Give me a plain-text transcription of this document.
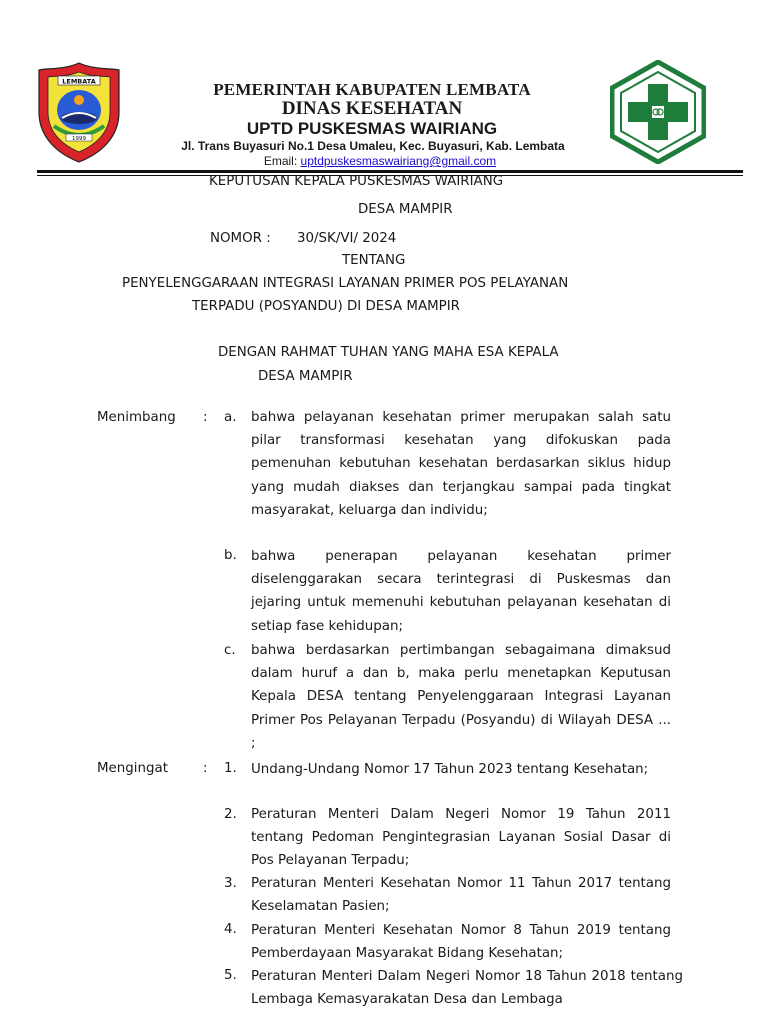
LEMBATA
1999
PEMERINTAH KABUPATEN LEMBATA
DINAS KESEHATAN
UPTD PUSKESMAS WAIRIANG
Jl. Trans Buyasuri No.1 Desa Umaleu, Kec. Buyasuri, Kab. Lembata
Email: uptdpuskesmaswairiang@gmail.com
KEPUTUSAN KEPALA PUSKESMAS WAIRIANG
DESA MAMPIR
NOMOR : 30/SK/VI/ 2024
TENTANG
PENYELENGGARAAN INTEGRASI LAYANAN PRIMER POS PELAYANAN
TERPADU (POSYANDU) DI DESA MAMPIR
DENGAN RAHMAT TUHAN YANG MAHA ESA KEPALA
DESA MAMPIR
Menimbang : a. bahwa pelayanan kesehatan primer merupakan salah satu pilar transformasi kesehatan yang difokuskan pada pemenuhan kebutuhan kesehatan berdasarkan siklus hidup yang mudah diakses dan terjangkau sampai pada tingkat masyarakat, keluarga dan individu;
b. bahwa penerapan pelayanan kesehatan primer diselenggarakan secara terintegrasi di Puskesmas dan jejaring untuk memenuhi kebutuhan pelayanan kesehatan di setiap fase kehidupan;
c. bahwa berdasarkan pertimbangan sebagaimana dimaksud dalam huruf a dan b, maka perlu menetapkan Keputusan Kepala DESA tentang Penyelenggaraan Integrasi Layanan Primer Pos Pelayanan Terpadu (Posyandu) di Wilayah DESA ... ;
Mengingat	: 1. Undang-Undang Nomor 17 Tahun 2023 tentang Kesehatan;
2. Peraturan Menteri Dalam Negeri Nomor 19 Tahun 2011 tentang Pedoman Pengintegrasian Layanan Sosial Dasar di Pos Pelayanan Terpadu;
3. Peraturan Menteri Kesehatan Nomor 11 Tahun 2017 tentang Keselamatan Pasien;
4. Peraturan Menteri Kesehatan Nomor 8 Tahun 2019 tentang Pemberdayaan Masyarakat Bidang Kesehatan;
5. Peraturan Menteri Dalam Negeri Nomor 18 Tahun 2018 tentang Lembaga Kemasyarakatan Desa dan Lembaga
